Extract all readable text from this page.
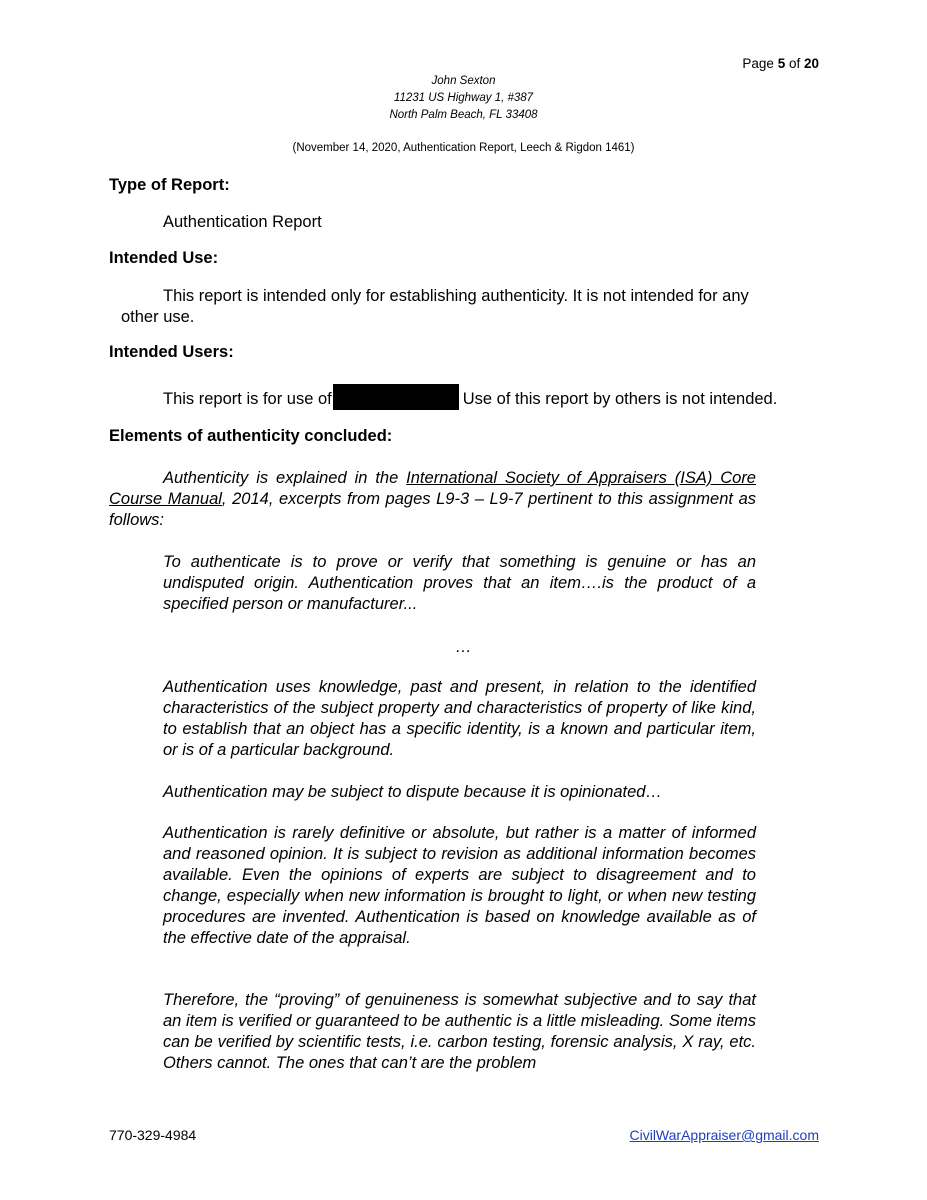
Page 5 of 20
John Sexton
11231 US Highway 1, #387
North Palm Beach, FL 33408
(November 14, 2020, Authentication Report, Leech & Rigdon 1461)
Type of Report:
Authentication Report
Intended Use:
This report is intended only for establishing authenticity. It is not intended for any
other use.
Intended Users:
This report is for use of	Use of this report by others is not intended.
Elements of authenticity concluded:
Authenticity is explained in the International Society of Appraisers (ISA) Core Course Manual, 2014, excerpts from pages L9-3 – L9-7 pertinent to this assignment as follows:
To authenticate is to prove or verify that something is genuine or has an undisputed origin. Authentication proves that an item….is the product of a specified person or manufacturer...
…
Authentication uses knowledge, past and present, in relation to the identified characteristics of the subject property and characteristics of property of like kind, to establish that an object has a specific identity, is a known and particular item, or is of a particular background.
Authentication may be subject to dispute because it is opinionated…
Authentication is rarely definitive or absolute, but rather is a matter of informed and reasoned opinion. It is subject to revision as additional information becomes available. Even the opinions of experts are subject to disagreement and to change, especially when new information is brought to light, or when new testing procedures are invented. Authentication is based on knowledge available as of the effective date of the appraisal.
Therefore, the “proving” of genuineness is somewhat subjective and to say that an item is verified or guaranteed to be authentic is a little misleading. Some items can be verified by scientific tests, i.e. carbon testing, forensic analysis, X ray, etc. Others cannot. The ones that can’t are the problem
770-329-4984	CivilWarAppraiser@gmail.com
